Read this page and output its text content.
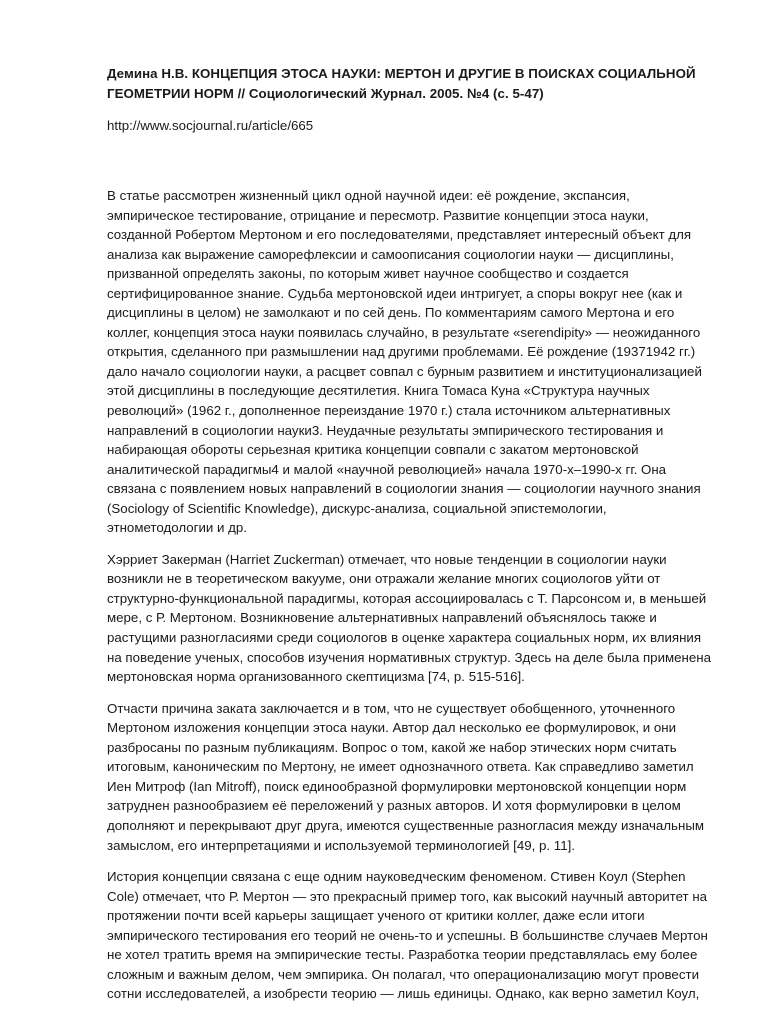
Демина Н.В. КОНЦЕПЦИЯ ЭТОСА НАУКИ: МЕРТОН И ДРУГИЕ В ПОИСКАХ СОЦИАЛЬНОЙ ГЕОМЕТРИИ НОРМ // Социологический Журнал. 2005. №4 (с. 5-47)
http://www.socjournal.ru/article/665

В статье рассмотрен жизненный цикл одной научной идеи: её рождение, экспансия, эмпирическое тестирование, отрицание и пересмотр. Развитие концепции этоса науки, созданной Робертом Мертоном и его последователями, представляет интересный объект для анализа как выражение саморефлексии и самоописания социологии науки — дисциплины, призванной определять законы, по которым живет научное сообщество и создается сертифицированное знание. Судьба мертоновской идеи интригует, а споры вокруг нее (как и дисциплины в целом) не замолкают и по сей день. По комментариям самого Мертона и его коллег, концепция этоса науки появилась случайно, в результате «serendipity» — неожиданного открытия, сделанного при размышлении над другими проблемами. Её рождение (19371942 гг.) дало начало социологии науки, а расцвет совпал с бурным развитием и институционализацией этой дисциплины в последующие десятилетия. Книга Томаса Куна «Структура научных революций» (1962 г., дополненное переиздание 1970 г.) стала источником альтернативных направлений в социологии науки3. Неудачные результаты эмпирического тестирования и набирающая обороты серьезная критика концепции совпали с закатом мертоновской аналитической парадигмы4 и малой «научной революцией» начала 1970-х–1990-х гг. Она связана с появлением новых направлений в социологии знания — социологии научного знания (Sociology of Scientific Knowledge), дискурс-анализа, социальной эпистемологии, этнометодологии и др.

Хэрриет Закерман (Harriet Zuckerman) отмечает, что новые тенденции в социологии науки возникли не в теоретическом вакууме, они отражали желание многих социологов уйти от структурно-функциональной парадигмы, которая ассоциировалась с Т. Парсонсом и, в меньшей мере, с Р. Мертоном. Возникновение альтернативных направлений объяснялось также и растущими разногласиями среди социологов в оценке характера социальных норм, их влияния на поведение ученых, способов изучения нормативных структур. Здесь на деле была применена мертоновская норма организованного скептицизма [74, p. 515-516].

Отчасти причина заката заключается и в том, что не существует обобщенного, уточненного Мертоном изложения концепции этоса науки. Автор дал несколько ее формулировок, и они разбросаны по разным публикациям. Вопрос о том, какой же набор этических норм считать итоговым, каноническим по Мертону, не имеет однозначного ответа. Как справедливо заметил Иен Митроф (Ian Mitroff), поиск единообразной формулировки мертоновской концепции норм затруднен разнообразием её переложений у разных авторов. И хотя формулировки в целом дополняют и перекрывают друг друга, имеются существенные разногласия между изначальным замыслом, его интерпретациями и используемой терминологией [49, p. 11].

История концепции связана с еще одним науковедческим феноменом. Стивен Коул (Stephen Cole) отмечает, что Р. Мертон — это прекрасный пример того, как высокий научный авторитет на протяжении почти всей карьеры защищает ученого от критики коллег, даже если итоги эмпирического тестирования его теорий не очень-то и успешны. В большинстве случаев Мертон не хотел тратить время на эмпирические тесты. Разработка теории представлялась ему более сложным и важным делом, чем эмпирика. Он полагал, что операционализацию могут провести сотни исследователей, а изобрести теорию — лишь единицы. Однако, как верно заметил Коул,
